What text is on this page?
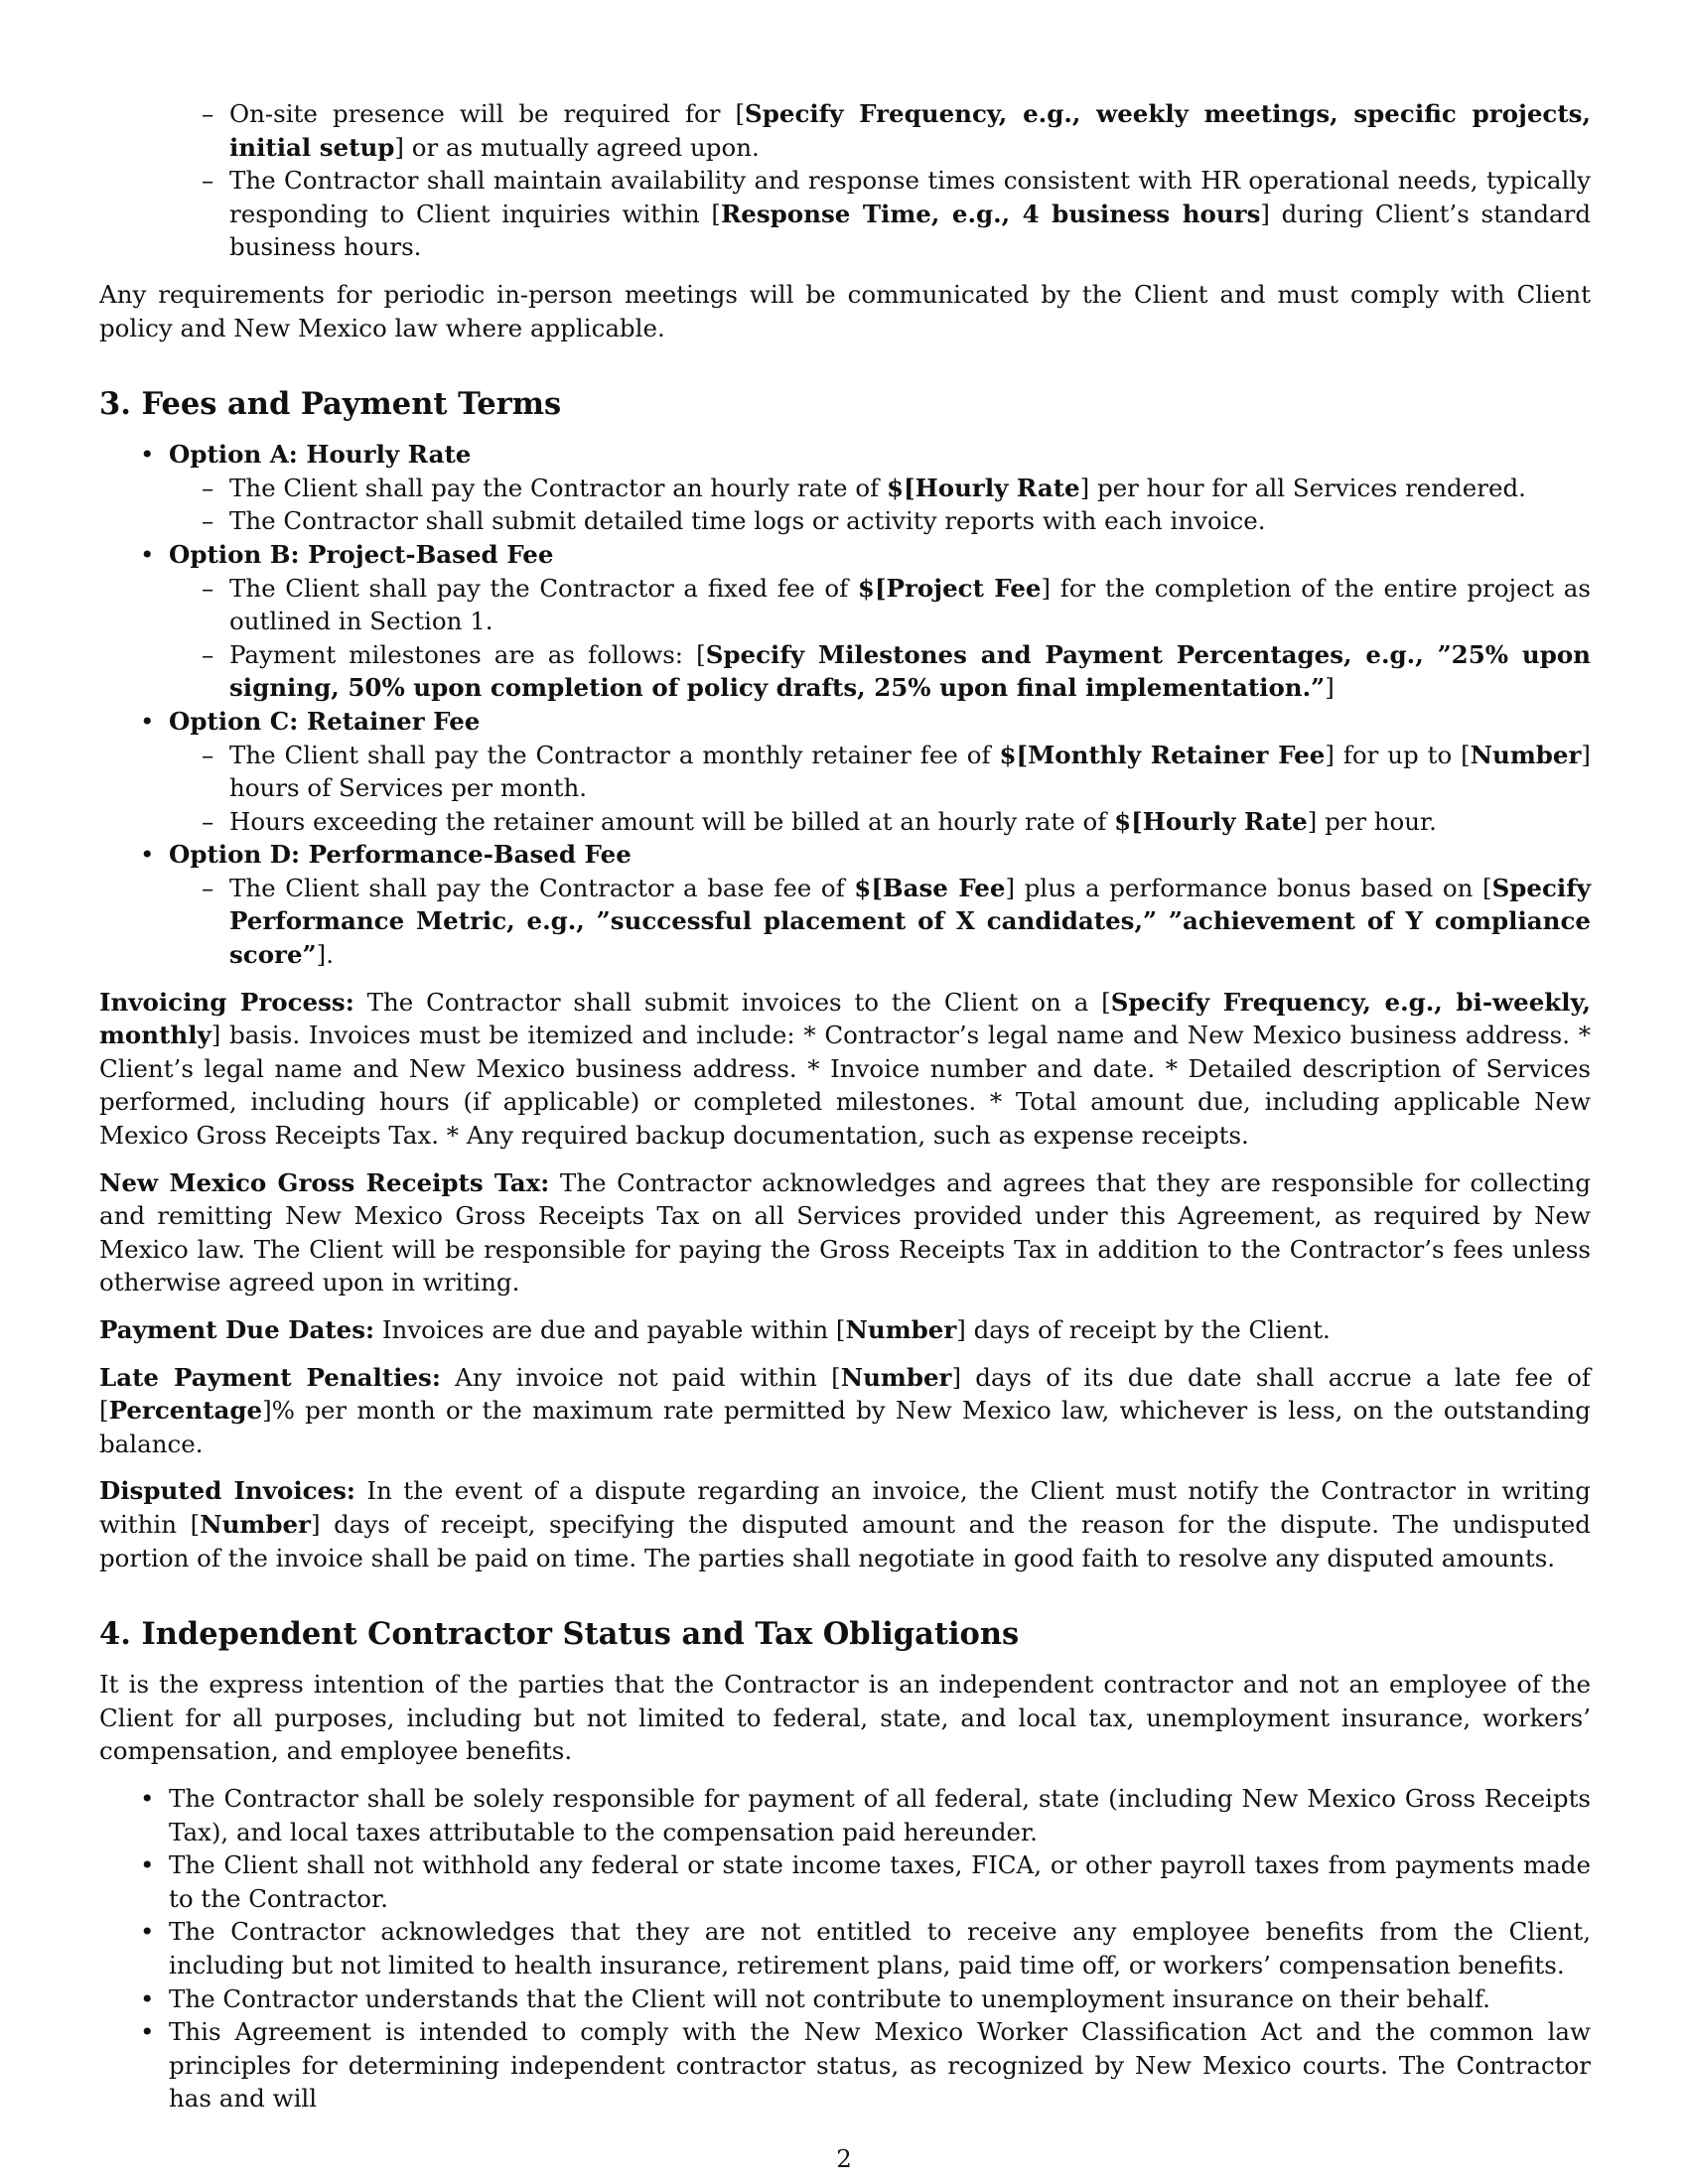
– On-site presence will be required for [Specify Frequency, e.g., weekly meetings, specific projects, initial setup] or as mutually agreed upon.
– The Contractor shall maintain availability and response times consistent with HR operational needs, typically responding to Client inquiries within [Response Time, e.g., 4 business hours] during Client’s standard business hours.

Any requirements for periodic in-person meetings will be communicated by the Client and must comply with Client policy and New Mexico law where applicable.

3. Fees and Payment Terms
• Option A: Hourly Rate
– The Client shall pay the Contractor an hourly rate of $[Hourly Rate] per hour for all Services rendered.
– The Contractor shall submit detailed time logs or activity reports with each invoice.
• Option B: Project-Based Fee
– The Client shall pay the Contractor a fixed fee of $[Project Fee] for the completion of the entire project as outlined in Section 1.
– Payment milestones are as follows: [Specify Milestones and Payment Percentages, e.g., ”25% upon signing, 50% upon completion of policy drafts, 25% upon final implementation.”]
• Option C: Retainer Fee
– The Client shall pay the Contractor a monthly retainer fee of $[Monthly Retainer Fee] for up to [Number] hours of Services per month.
– Hours exceeding the retainer amount will be billed at an hourly rate of $[Hourly Rate] per hour.
• Option D: Performance-Based Fee
– The Client shall pay the Contractor a base fee of $[Base Fee] plus a performance bonus based on [Specify Performance Metric, e.g., ”successful placement of X candidates,” ”achievement of Y compliance score”].

Invoicing Process: The Contractor shall submit invoices to the Client on a [Specify Frequency, e.g., bi-weekly, monthly] basis. Invoices must be itemized and include: * Contractor’s legal name and New Mexico business address. * Client’s legal name and New Mexico business address. * Invoice number and date. * Detailed description of Services performed, including hours (if applicable) or completed milestones. * Total amount due, including applicable New Mexico Gross Receipts Tax. * Any required backup documentation, such as expense receipts.

New Mexico Gross Receipts Tax: The Contractor acknowledges and agrees that they are responsible for collecting and remitting New Mexico Gross Receipts Tax on all Services provided under this Agreement, as required by New Mexico law. The Client will be responsible for paying the Gross Receipts Tax in addition to the Contractor’s fees unless otherwise agreed upon in writing.

Payment Due Dates: Invoices are due and payable within [Number] days of receipt by the Client.

Late Payment Penalties: Any invoice not paid within [Number] days of its due date shall accrue a late fee of [Percentage]% per month or the maximum rate permitted by New Mexico law, whichever is less, on the outstanding balance.

Disputed Invoices: In the event of a dispute regarding an invoice, the Client must notify the Contractor in writing within [Number] days of receipt, specifying the disputed amount and the reason for the dispute. The undisputed portion of the invoice shall be paid on time. The parties shall negotiate in good faith to resolve any disputed amounts.

4. Independent Contractor Status and Tax Obligations

It is the express intention of the parties that the Contractor is an independent contractor and not an employee of the Client for all purposes, including but not limited to federal, state, and local tax, unemployment insurance, workers’ compensation, and employee benefits.

• The Contractor shall be solely responsible for payment of all federal, state (including New Mexico Gross Receipts Tax), and local taxes attributable to the compensation paid hereunder.
• The Client shall not withhold any federal or state income taxes, FICA, or other payroll taxes from payments made to the Contractor.
• The Contractor acknowledges that they are not entitled to receive any employee benefits from the Client, including but not limited to health insurance, retirement plans, paid time off, or workers’ compensation benefits.
• The Contractor understands that the Client will not contribute to unemployment insurance on their behalf.
• This Agreement is intended to comply with the New Mexico Worker Classification Act and the common law principles for determining independent contractor status, as recognized by New Mexico courts. The Contractor has and will
2
